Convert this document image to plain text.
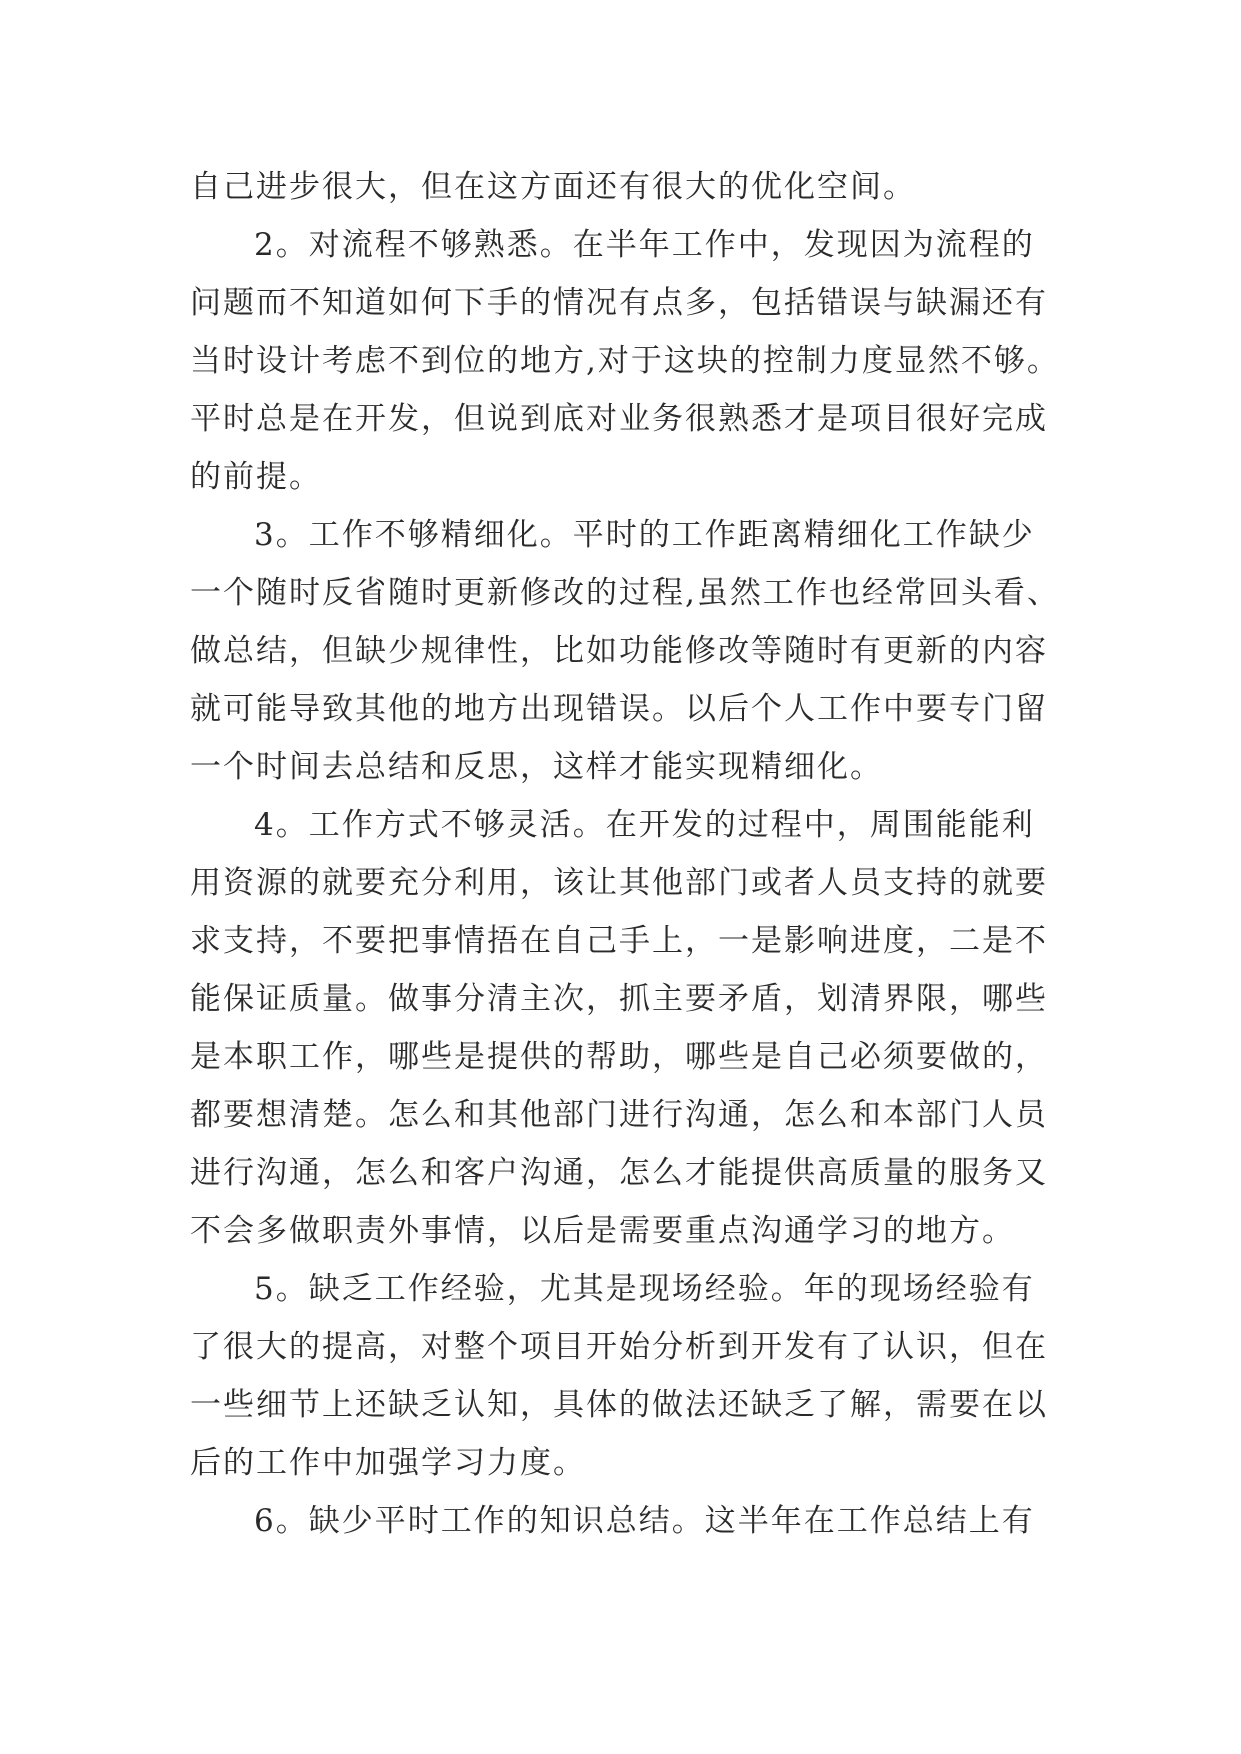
自己进步很大，但在这方面还有很大的优化空间。
2。对流程不够熟悉。在半年工作中，发现因为流程的
问题而不知道如何下手的情况有点多，包括错误与缺漏还有
当时设计考虑不到位的地方,对于这块的控制力度显然不够。
平时总是在开发，但说到底对业务很熟悉才是项目很好完成
的前提。
3。工作不够精细化。平时的工作距离精细化工作缺少
一个随时反省随时更新修改的过程,虽然工作也经常回头看、
做总结，但缺少规律性，比如功能修改等随时有更新的内容
就可能导致其他的地方出现错误。以后个人工作中要专门留
一个时间去总结和反思，这样才能实现精细化。
4。工作方式不够灵活。在开发的过程中，周围能能利
用资源的就要充分利用，该让其他部门或者人员支持的就要
求支持，不要把事情捂在自己手上，一是影响进度，二是不
能保证质量。做事分清主次，抓主要矛盾，划清界限，哪些
是本职工作，哪些是提供的帮助，哪些是自己必须要做的，
都要想清楚。怎么和其他部门进行沟通，怎么和本部门人员
进行沟通，怎么和客户沟通，怎么才能提供高质量的服务又
不会多做职责外事情，以后是需要重点沟通学习的地方。
5。缺乏工作经验，尤其是现场经验。年的现场经验有
了很大的提高，对整个项目开始分析到开发有了认识，但在
一些细节上还缺乏认知，具体的做法还缺乏了解，需要在以
后的工作中加强学习力度。
6。缺少平时工作的知识总结。这半年在工作总结上有
